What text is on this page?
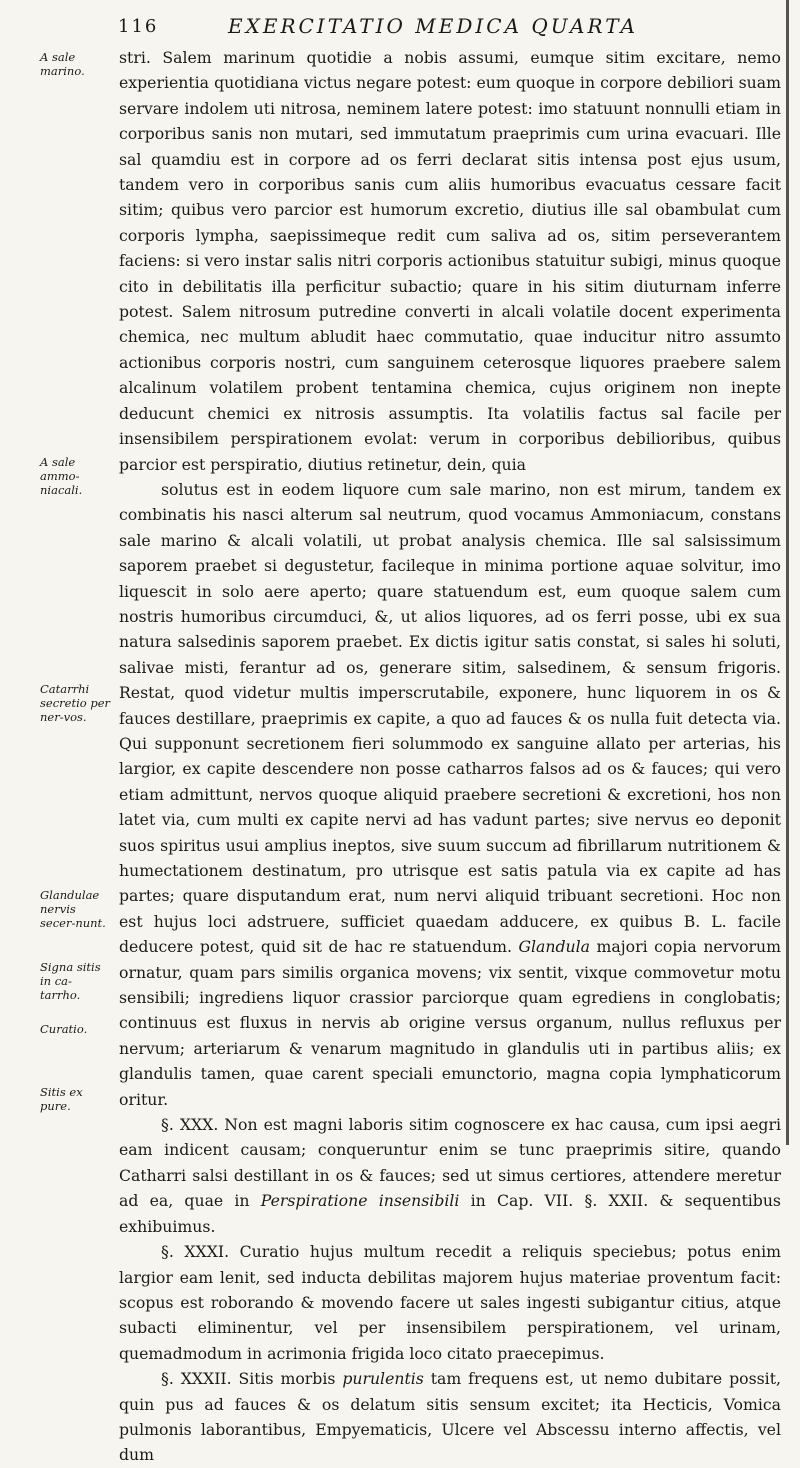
116	EXERCITATIO MEDICA QUARTA
A sale marino.
A sale ammo-niacali.
Catarrhi secretio per ner-vos.
Glandulae nervis secer-nunt.
Signa sitis in ca-tarrho.
Curatio.
Sitis ex pure.

stri. Salem marinum quotidie a nobis assumi, eumque sitim excitare, nemo experientia quotidiana victus negare potest: eum quoque in corpore debiliori suam servare indolem uti nitrosa, neminem latere potest: imo statuunt nonnulli etiam in corporibus sanis non mutari, sed immutatum praeprimis cum urina evacuari. Ille sal quamdiu est in corpore ad os ferri declarat sitis intensa post ejus usum, tandem vero in corporibus sanis cum aliis humoribus evacuatus cessare facit sitim; quibus vero parcior est humorum excretio, diutius ille sal obambulat cum corporis lympha, saepissimeque redit cum saliva ad os, sitim perseverantem faciens: si vero instar salis nitri corporis actionibus statuitur subigi, minus quoque cito in debilitatis illa perficitur subactio; quare in his sitim diuturnam inferre potest. Salem nitrosum putredine converti in alcali volatile docent experimenta chemica, nec multum abludit haec commutatio, quae inducitur nitro assumto actionibus corporis nostri, cum sanguinem ceterosque liquores praebere salem alcalinum volatilem probent tentamina chemica, cujus originem non inepte deducunt chemici ex nitrosis assumptis. Ita volatilis factus sal facile per insensibilem perspirationem evolat: verum in corporibus debilioribus, quibus parcior est perspiratio, diutius retinetur, dein, quia

solutus est in eodem liquore cum sale marino, non est mirum, tandem ex combinatis his nasci alterum sal neutrum, quod vocamus Ammoniacum, constans sale marino & alcali volatili, ut probat analysis chemica. Ille sal salsissimum saporem praebet si degustetur, facileque in minima portione aquae solvitur, imo liquescit in solo aere aperto; quare statuendum est, eum quoque salem cum nostris humoribus circumduci, &, ut alios liquores, ad os ferri posse, ubi ex sua natura salsedinis saporem praebet. Ex dictis igitur satis constat, si sales hi soluti, salivae misti, ferantur ad os, generare sitim, salsedinem, & sensum frigoris. Restat, quod videtur multis imperscrutabile, exponere, hunc liquorem in os & fauces destillare, praeprimis ex capite, a quo ad fauces & os nulla fuit detecta via. Qui supponunt secretionem fieri solummodo ex sanguine allato per arterias, his largior, ex capite descendere non posse catharros falsos ad os & fauces; qui vero etiam admittunt, nervos quoque aliquid praebere secretioni & excretioni, hos non latet via, cum multi ex capite nervi ad has vadunt partes; sive nervus eo deponit suos spiritus usui amplius ineptos, sive suum succum ad fibrillarum nutritionem & humectationem destinatum, pro utrisque est satis patula via ex capite ad has partes; quare disputandum erat, num nervi aliquid tribuant secretioni. Hoc non est hujus loci adstruere, sufficiet quaedam adducere, ex quibus B. L. facile deducere potest, quid sit de hac re statuendum. Glandula majori copia nervorum ornatur, quam pars similis organica movens; vix sentit, vixque commovetur motu sensibili; ingrediens liquor crassior parciorque quam egrediens in conglobatis; continuus est fluxus in nervis ab origine versus organum, nullus refluxus per nervum; arteriarum & venarum magnitudo in glandulis uti in partibus aliis; ex glandulis tamen, quae carent speciali emunctorio, magna copia lymphaticorum oritur.

§. XXX. Non est magni laboris sitim cognoscere ex hac causa, cum ipsi aegri eam indicent causam; conqueruntur enim se tunc praeprimis sitire, quando Catharri salsi destillant in os & fauces; sed ut simus certiores, attendere meretur ad ea, quae in Perspiratione insensibili in Cap. VII. §. XXII. & sequentibus exhibuimus.

§. XXXI. Curatio hujus multum recedit a reliquis speciebus; potus enim largior eam lenit, sed inducta debilitas majorem hujus materiae proventum facit: scopus est roborando & movendo facere ut sales ingesti subigantur citius, atque subacti eliminentur, vel per insensibilem perspirationem, vel urinam, quemadmodum in acrimonia frigida loco citato praecepimus.

§. XXXII. Sitis morbis purulentis tam frequens est, ut nemo dubitare possit, quin pus ad fauces & os delatum sitis sensum excitet; ita Hecticis, Vomica pulmonis laborantibus, Empyematicis, Ulcere vel Abscessu interno affectis, vel dum
